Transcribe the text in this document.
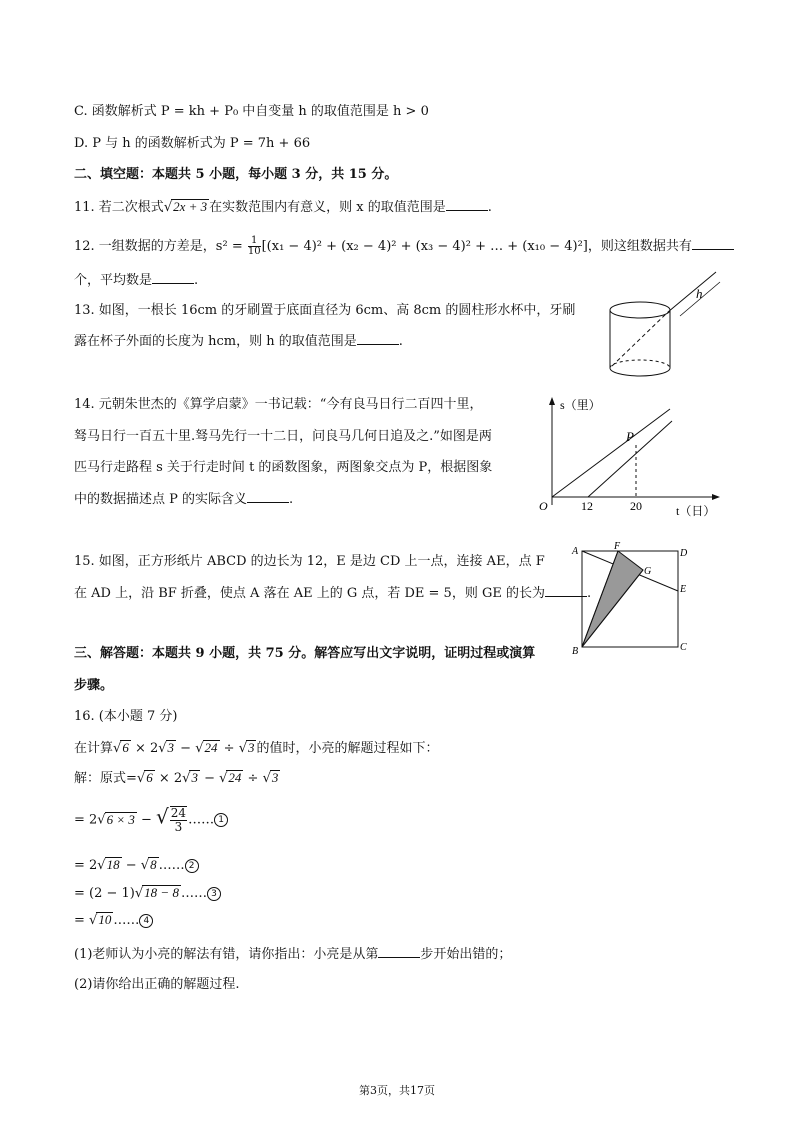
C. 函数解析式 P = kh + P₀ 中自变量 h 的取值范围是 h > 0
D. P 与 h 的函数解析式为 P = 7h + 66
二、填空题：本题共 5 小题，每小题 3 分，共 15 分。
11. 若二次根式√2x + 3 在实数范围内有意义，则 x 的取值范围是	.
12. 一组数据的方差是，$s^2 = \frac{1}{10} [(x_1 - 4)^2 + (x_2 - 4)^2 + (x_3 - 4)^2$ + … + (x₁₀ − 4)²]，则这组数据共有
个，平均数是	.
13. 如图，一根长 16cm 的牙刷置于底面直径为 6cm、高 8cm 的圆柱形水杯中，牙刷
露在杯子外面的长度为 hcm，则 h 的取值范围是	.
h
14. 元朝朱世杰的《算学启蒙》一书记载：“今有良马日行二百四十里，
驽马日行一百五十里.驽马先行一十二日，问良马几何日追及之.”如图是两
匹马行走路程 s 关于行走时间 t 的函数图象，两图象交点为 P，根据图象
中的数据描述点 P 的实际含义	.
s（里）
t（日）
O	12	20
P
15. 如图，正方形纸片 ABCD 的边长为 12，E 是边 CD 上一点，连接 AE，点 F
在 AD 上，沿 BF 折叠，使点 A 落在 AE 上的 G 点，若 DE = 5，则 GE 的长为	.
A	F
D
G
E
B	C
三、解答题：本题共 9 小题，共 75 分。解答应写出文字说明，证明过程或演算
步骤。
16. (本小题 7 分)
在计算√6 × 2√3 − √24 ÷ √3 的值时，小亮的解题过程如下：
解：原式=√6 × 2√3 − √24 ÷ √3
= 2√6 × 3 − √ $\frac{24}{3}$ …… 1
= 2√18 − √8 …… 2
= (2 − 1)√18 − 8 …… 3
= √10 …… 4
(1)老师认为小亮的解法有错，请你指出：小亮是从第	步开始出错的；
(2)请你给出正确的解题过程.
第3页，共17页
